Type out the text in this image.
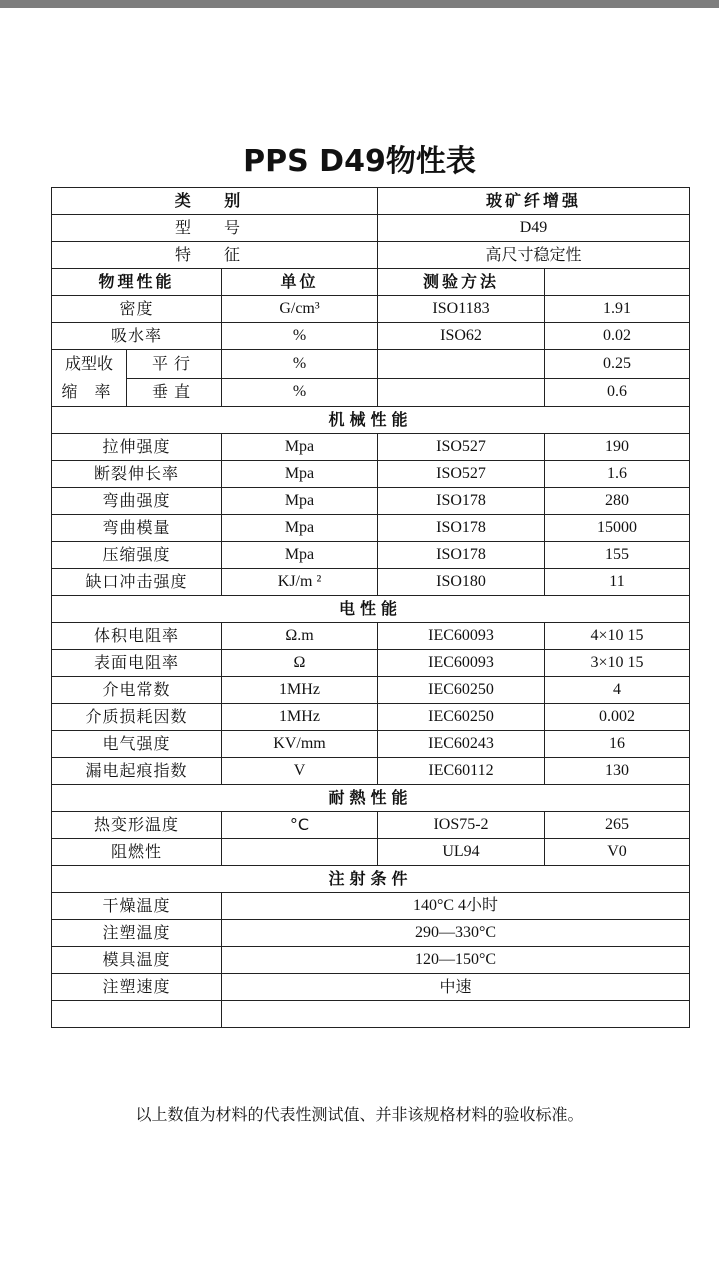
PPS D49物性表
类 别			玻矿纤增强	
型 号			D49	
特 征			高尺寸稳定性	
物理性能		单位	测验方法	
密度		G/cm³	ISO1183	1.91
吸水率		%	ISO62	0.02
成型收
缩 率	平行	%		0.25
	垂直	%		0.6
机械性能				
拉伸强度		Mpa	ISO527	190
断裂伸长率		Mpa	ISO527	1.6
弯曲强度		Mpa	ISO178	280
弯曲模量		Mpa	ISO178	15000
压缩强度		Mpa	ISO178	155
缺口冲击强度		KJ/m ²	ISO180	11
电性能				
体积电阻率		Ω.m	IEC60093	4×10 15
表面电阻率		Ω	IEC60093	3×10 15
介电常数		1MHz	IEC60250	4
介质损耗因数		1MHz	IEC60250	0.002
电气强度		KV/mm	IEC60243	16
漏电起痕指数		V	IEC60112	130
耐熱性能				
热变形温度		°C	IOS75-2	265
阻燃性			UL94	V0
注射条件				
干燥温度		140°C 4小时		
注塑温度		290—330°C		
模具温度		120—150°C		
注塑速度		中速		

以上数值为材料的代表性测试值、并非该规格材料的验收标准。
